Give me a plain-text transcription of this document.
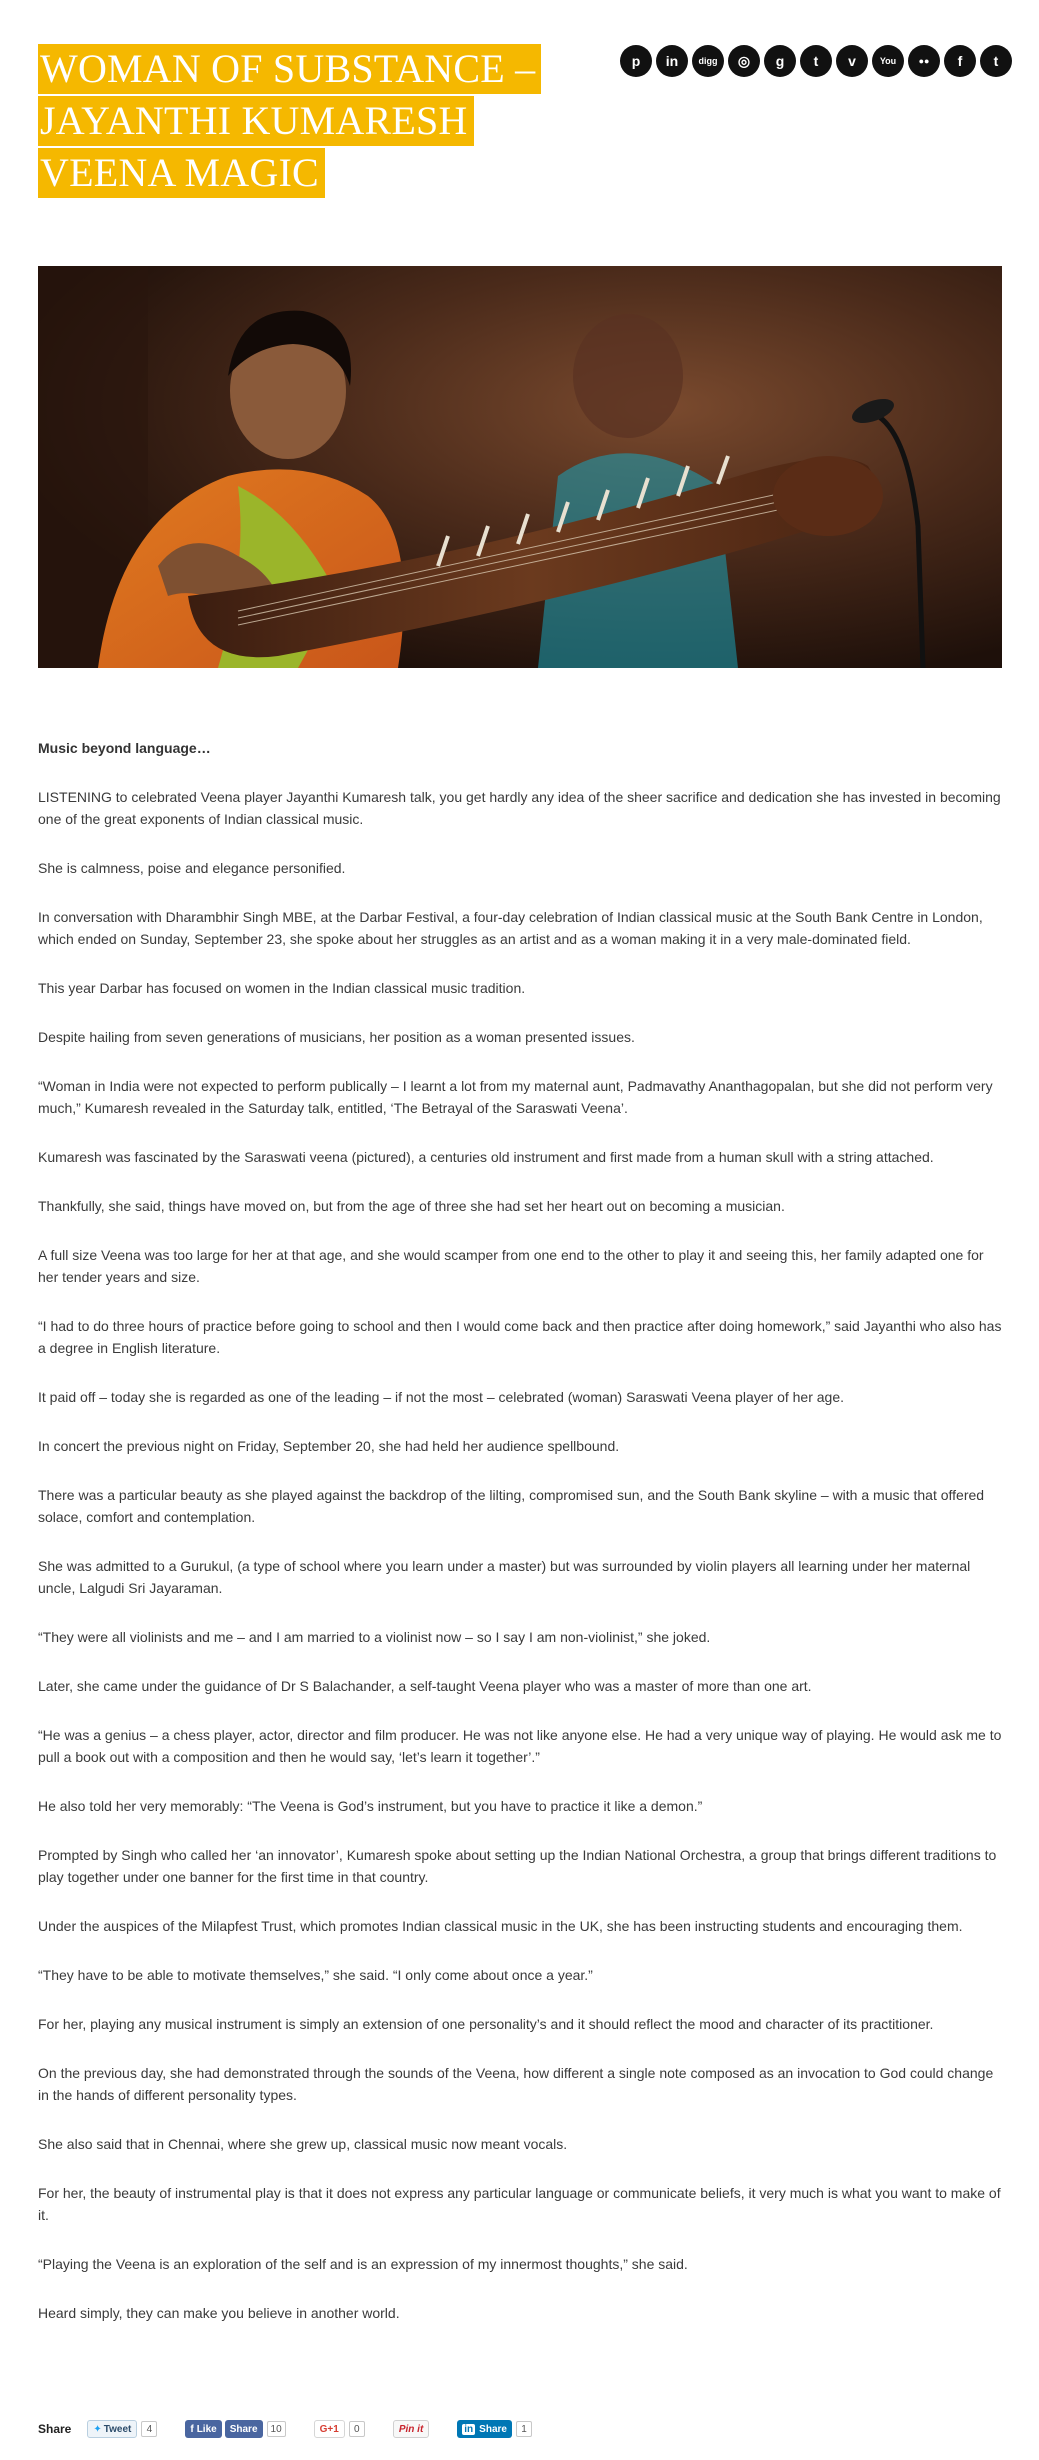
WOMAN OF SUBSTANCE –
JAYANTHI KUMARESH
VEENA MAGIC
p	in	digg	◎	g	t	v	You	●●	f	t
Music beyond language…

LISTENING to celebrated Veena player Jayanthi Kumaresh talk, you get hardly any idea of the sheer sacrifice and dedication she has invested in becoming one of the great exponents of Indian classical music.

She is calmness, poise and elegance personified.

In conversation with Dharambhir Singh MBE, at the Darbar Festival, a four-day celebration of Indian classical music at the South Bank Centre in London, which ended on Sunday, September 23, she spoke about her struggles as an artist and as a woman making it in a very male-dominated field.

This year Darbar has focused on women in the Indian classical music tradition.

Despite hailing from seven generations of musicians, her position as a woman presented issues.

“Woman in India were not expected to perform publically – I learnt a lot from my maternal aunt, Padmavathy Ananthagopalan, but she did not perform very much,” Kumaresh revealed in the Saturday talk, entitled, ‘The Betrayal of the Saraswati Veena’.

Kumaresh was fascinated by the Saraswati veena (pictured), a centuries old instrument and first made from a human skull with a string attached.

Thankfully, she said, things have moved on, but from the age of three she had set her heart out on becoming a musician.

A full size Veena was too large for her at that age, and she would scamper from one end to the other to play it and seeing this, her family adapted one for her tender years and size.

“I had to do three hours of practice before going to school and then I would come back and then practice after doing homework,” said Jayanthi who also has a degree in English literature.

It paid off – today she is regarded as one of the leading – if not the most – celebrated (woman) Saraswati Veena player of her age.

In concert the previous night on Friday, September 20, she had held her audience spellbound.

There was a particular beauty as she played against the backdrop of the lilting, compromised sun, and the South Bank skyline – with a music that offered solace, comfort and contemplation.

She was admitted to a Gurukul, (a type of school where you learn under a master) but was surrounded by violin players all learning under her maternal uncle, Lalgudi Sri Jayaraman.

“They were all violinists and me – and I am married to a violinist now – so I say I am non-violinist,” she joked.

Later, she came under the guidance of Dr S Balachander, a self-taught Veena player who was a master of more than one art.

“He was a genius – a chess player, actor, director and film producer. He was not like anyone else. He had a very unique way of playing. He would ask me to pull a book out with a composition and then he would say, ‘let’s learn it together’.”

He also told her very memorably: “The Veena is God’s instrument, but you have to practice it like a demon.”

Prompted by Singh who called her ‘an innovator’, Kumaresh spoke about setting up the Indian National Orchestra, a group that brings different traditions to play together under one banner for the first time in that country.

Under the auspices of the Milapfest Trust, which promotes Indian classical music in the UK, she has been instructing students and encouraging them.

“They have to be able to motivate themselves,” she said. “I only come about once a year.”

For her, playing any musical instrument is simply an extension of one personality’s and it should reflect the mood and character of its practitioner.

On the previous day, she had demonstrated through the sounds of the Veena, how different a single note composed as an invocation to God could change in the hands of different personality types.

She also said that in Chennai, where she grew up, classical music now meant vocals.

For her, the beauty of instrumental play is that it does not express any particular language or communicate beliefs, it very much is what you want to make of it.

“Playing the Veena is an exploration of the self and is an expression of my innermost thoughts,” she said.

Heard simply, they can make you believe in another world.

Share ✦ Tweet	4	f Like	Share	10	G+1	0	Pin it	in Share	1
